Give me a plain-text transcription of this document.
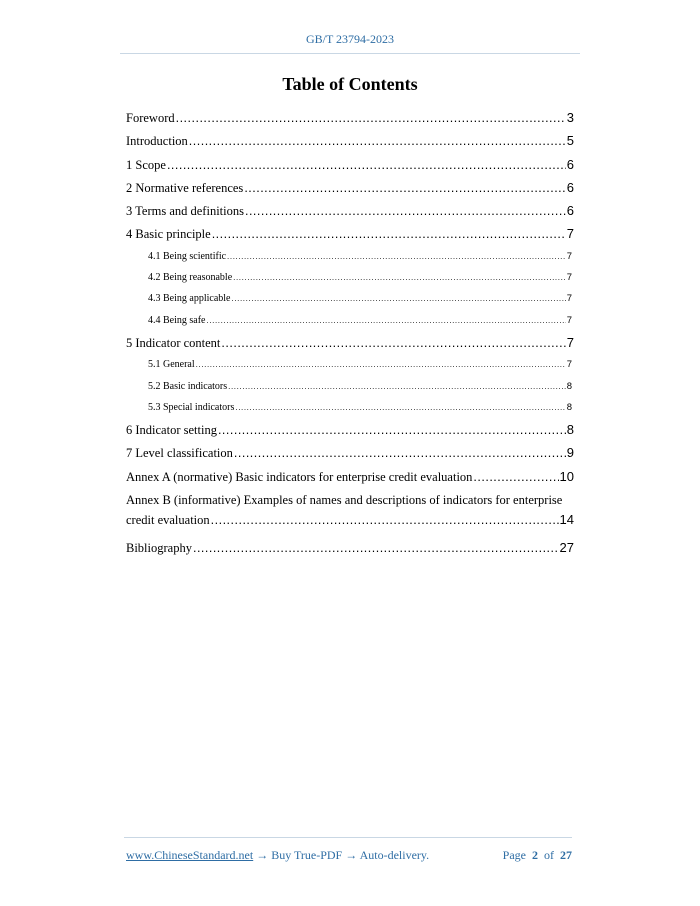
GB/T 23794-2023
Table of Contents
Foreword .....	3
Introduction .....	5
1 Scope .....	6
2 Normative references .....	6
3 Terms and definitions .....	6
4 Basic principle .....	7
4.1 Being scientific .....	7
4.2 Being reasonable .....	7
4.3 Being applicable .....	7
4.4 Being safe .....	7
5 Indicator content .....	7
5.1 General .....	7
5.2 Basic indicators .....	8
5.3 Special indicators .....	8
6 Indicator setting .....	8
7 Level classification .....	9
Annex A (normative) Basic indicators for enterprise credit evaluation .....	10
Annex B (informative) Examples of names and descriptions of indicators for enterprise
credit evaluation .....	14
Bibliography .....	27
www.ChineseStandard.net → Buy True-PDF → Auto-delivery.	Page 2 of 27
